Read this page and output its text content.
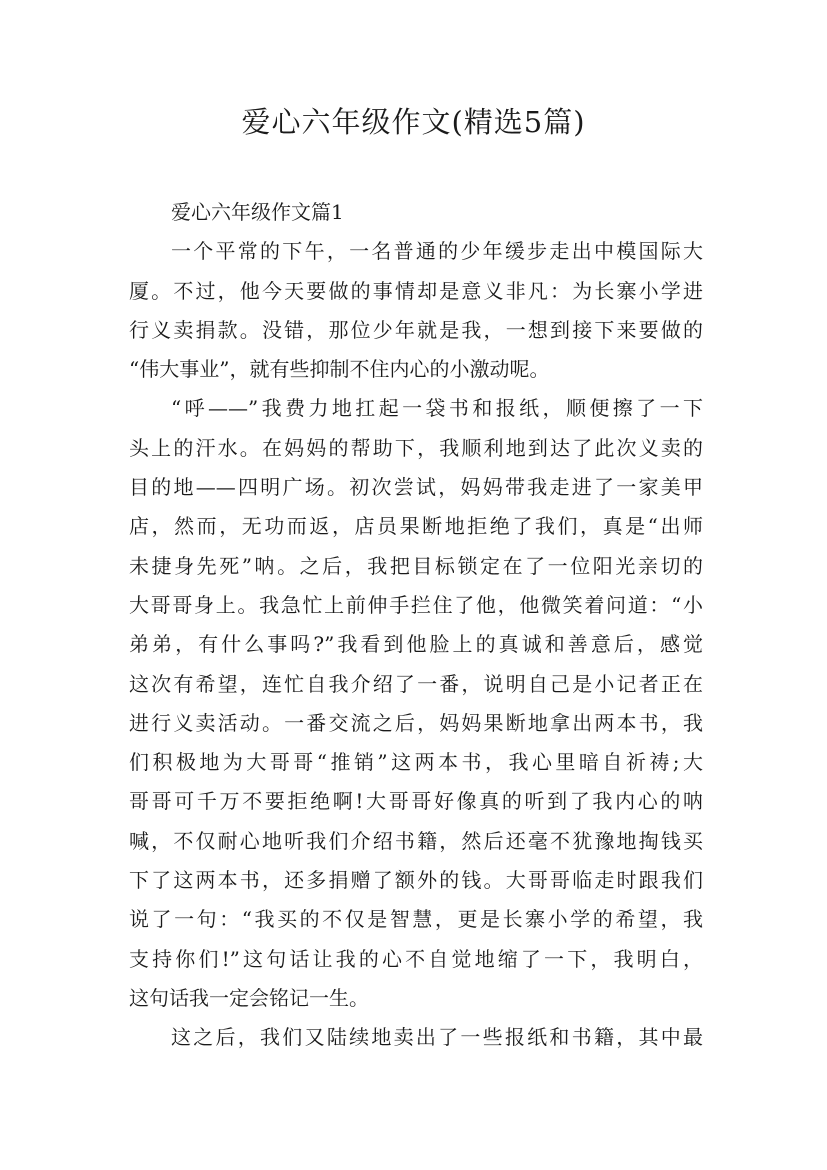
爱心六年级作文(精选5篇)
爱心六年级作文篇1
一个平常的下午，一名普通的少年缓步走出中模国际大
厦。不过，他今天要做的事情却是意义非凡：为长寨小学进
行义卖捐款。没错，那位少年就是我，一想到接下来要做的
“伟大事业”，就有些抑制不住内心的小激动呢。
“呼——”我费力地扛起一袋书和报纸，顺便擦了一下
头上的汗水。在妈妈的帮助下，我顺利地到达了此次义卖的
目的地——四明广场。初次尝试，妈妈带我走进了一家美甲
店，然而，无功而返，店员果断地拒绝了我们，真是“出师
未捷身先死”呐。之后，我把目标锁定在了一位阳光亲切的
大哥哥身上。我急忙上前伸手拦住了他，他微笑着问道：“小
弟弟，有什么事吗?”我看到他脸上的真诚和善意后，感觉
这次有希望，连忙自我介绍了一番，说明自己是小记者正在
进行义卖活动。一番交流之后，妈妈果断地拿出两本书，我
们积极地为大哥哥“推销”这两本书，我心里暗自祈祷;大
哥哥可千万不要拒绝啊!大哥哥好像真的听到了我内心的呐
喊，不仅耐心地听我们介绍书籍，然后还毫不犹豫地掏钱买
下了这两本书，还多捐赠了额外的钱。大哥哥临走时跟我们
说了一句：“我买的不仅是智慧，更是长寨小学的希望，我
支持你们!”这句话让我的心不自觉地缩了一下，我明白，
这句话我一定会铭记一生。
这之后，我们又陆续地卖出了一些报纸和书籍，其中最
